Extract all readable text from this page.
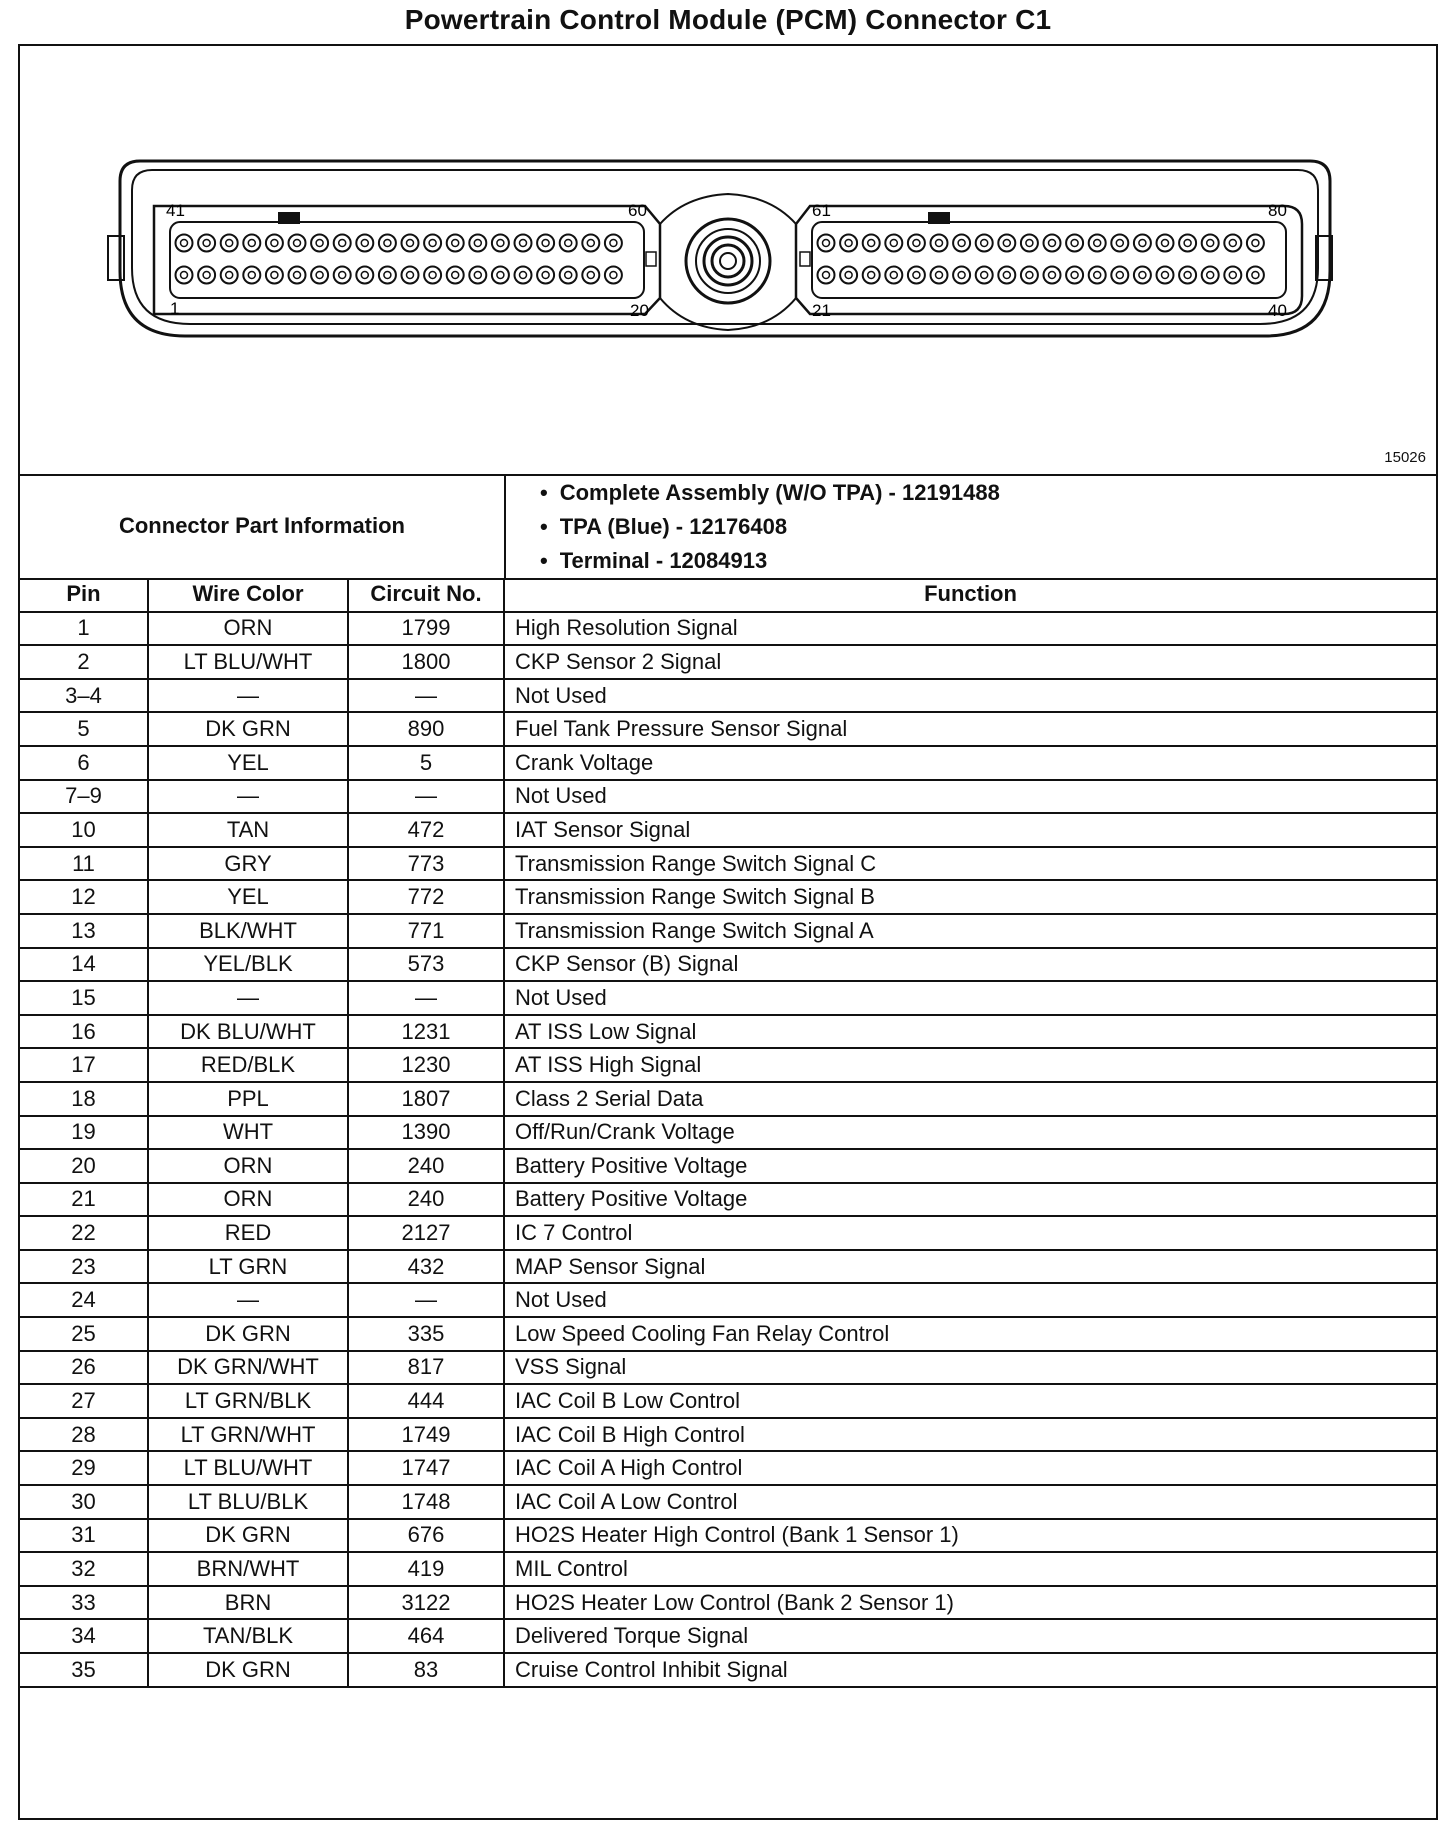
Powertrain Control Module (PCM) Connector C1
41	60
1	20
61	80
21	40
15026
Connector Part Information
• Complete Assembly (W/O TPA) - 12191488
• TPA (Blue) - 12176408
• Terminal - 12084913
Pin	Wire Color	Circuit No.	Function
1	ORN	1799	High Resolution Signal
2	LT BLU/WHT	1800	CKP Sensor 2 Signal
3–4	—	—	Not Used
5	DK GRN	890	Fuel Tank Pressure Sensor Signal
6	YEL	5	Crank Voltage
7–9	—	—	Not Used
10	TAN	472	IAT Sensor Signal
11	GRY	773	Transmission Range Switch Signal C
12	YEL	772	Transmission Range Switch Signal B
13	BLK/WHT	771	Transmission Range Switch Signal A
14	YEL/BLK	573	CKP Sensor (B) Signal
15	—	—	Not Used
16	DK BLU/WHT	1231	AT ISS Low Signal
17	RED/BLK	1230	AT ISS High Signal
18	PPL	1807	Class 2 Serial Data
19	WHT	1390	Off/Run/Crank Voltage
20	ORN	240	Battery Positive Voltage
21	ORN	240	Battery Positive Voltage
22	RED	2127	IC 7 Control
23	LT GRN	432	MAP Sensor Signal
24	—	—	Not Used
25	DK GRN	335	Low Speed Cooling Fan Relay Control
26	DK GRN/WHT	817	VSS Signal
27	LT GRN/BLK	444	IAC Coil B Low Control
28	LT GRN/WHT	1749	IAC Coil B High Control
29	LT BLU/WHT	1747	IAC Coil A High Control
30	LT BLU/BLK	1748	IAC Coil A Low Control
31	DK GRN	676	HO2S Heater High Control (Bank 1 Sensor 1)
32	BRN/WHT	419	MIL Control
33	BRN	3122	HO2S Heater Low Control (Bank 2 Sensor 1)
34	TAN/BLK	464	Delivered Torque Signal
35	DK GRN	83	Cruise Control Inhibit Signal
